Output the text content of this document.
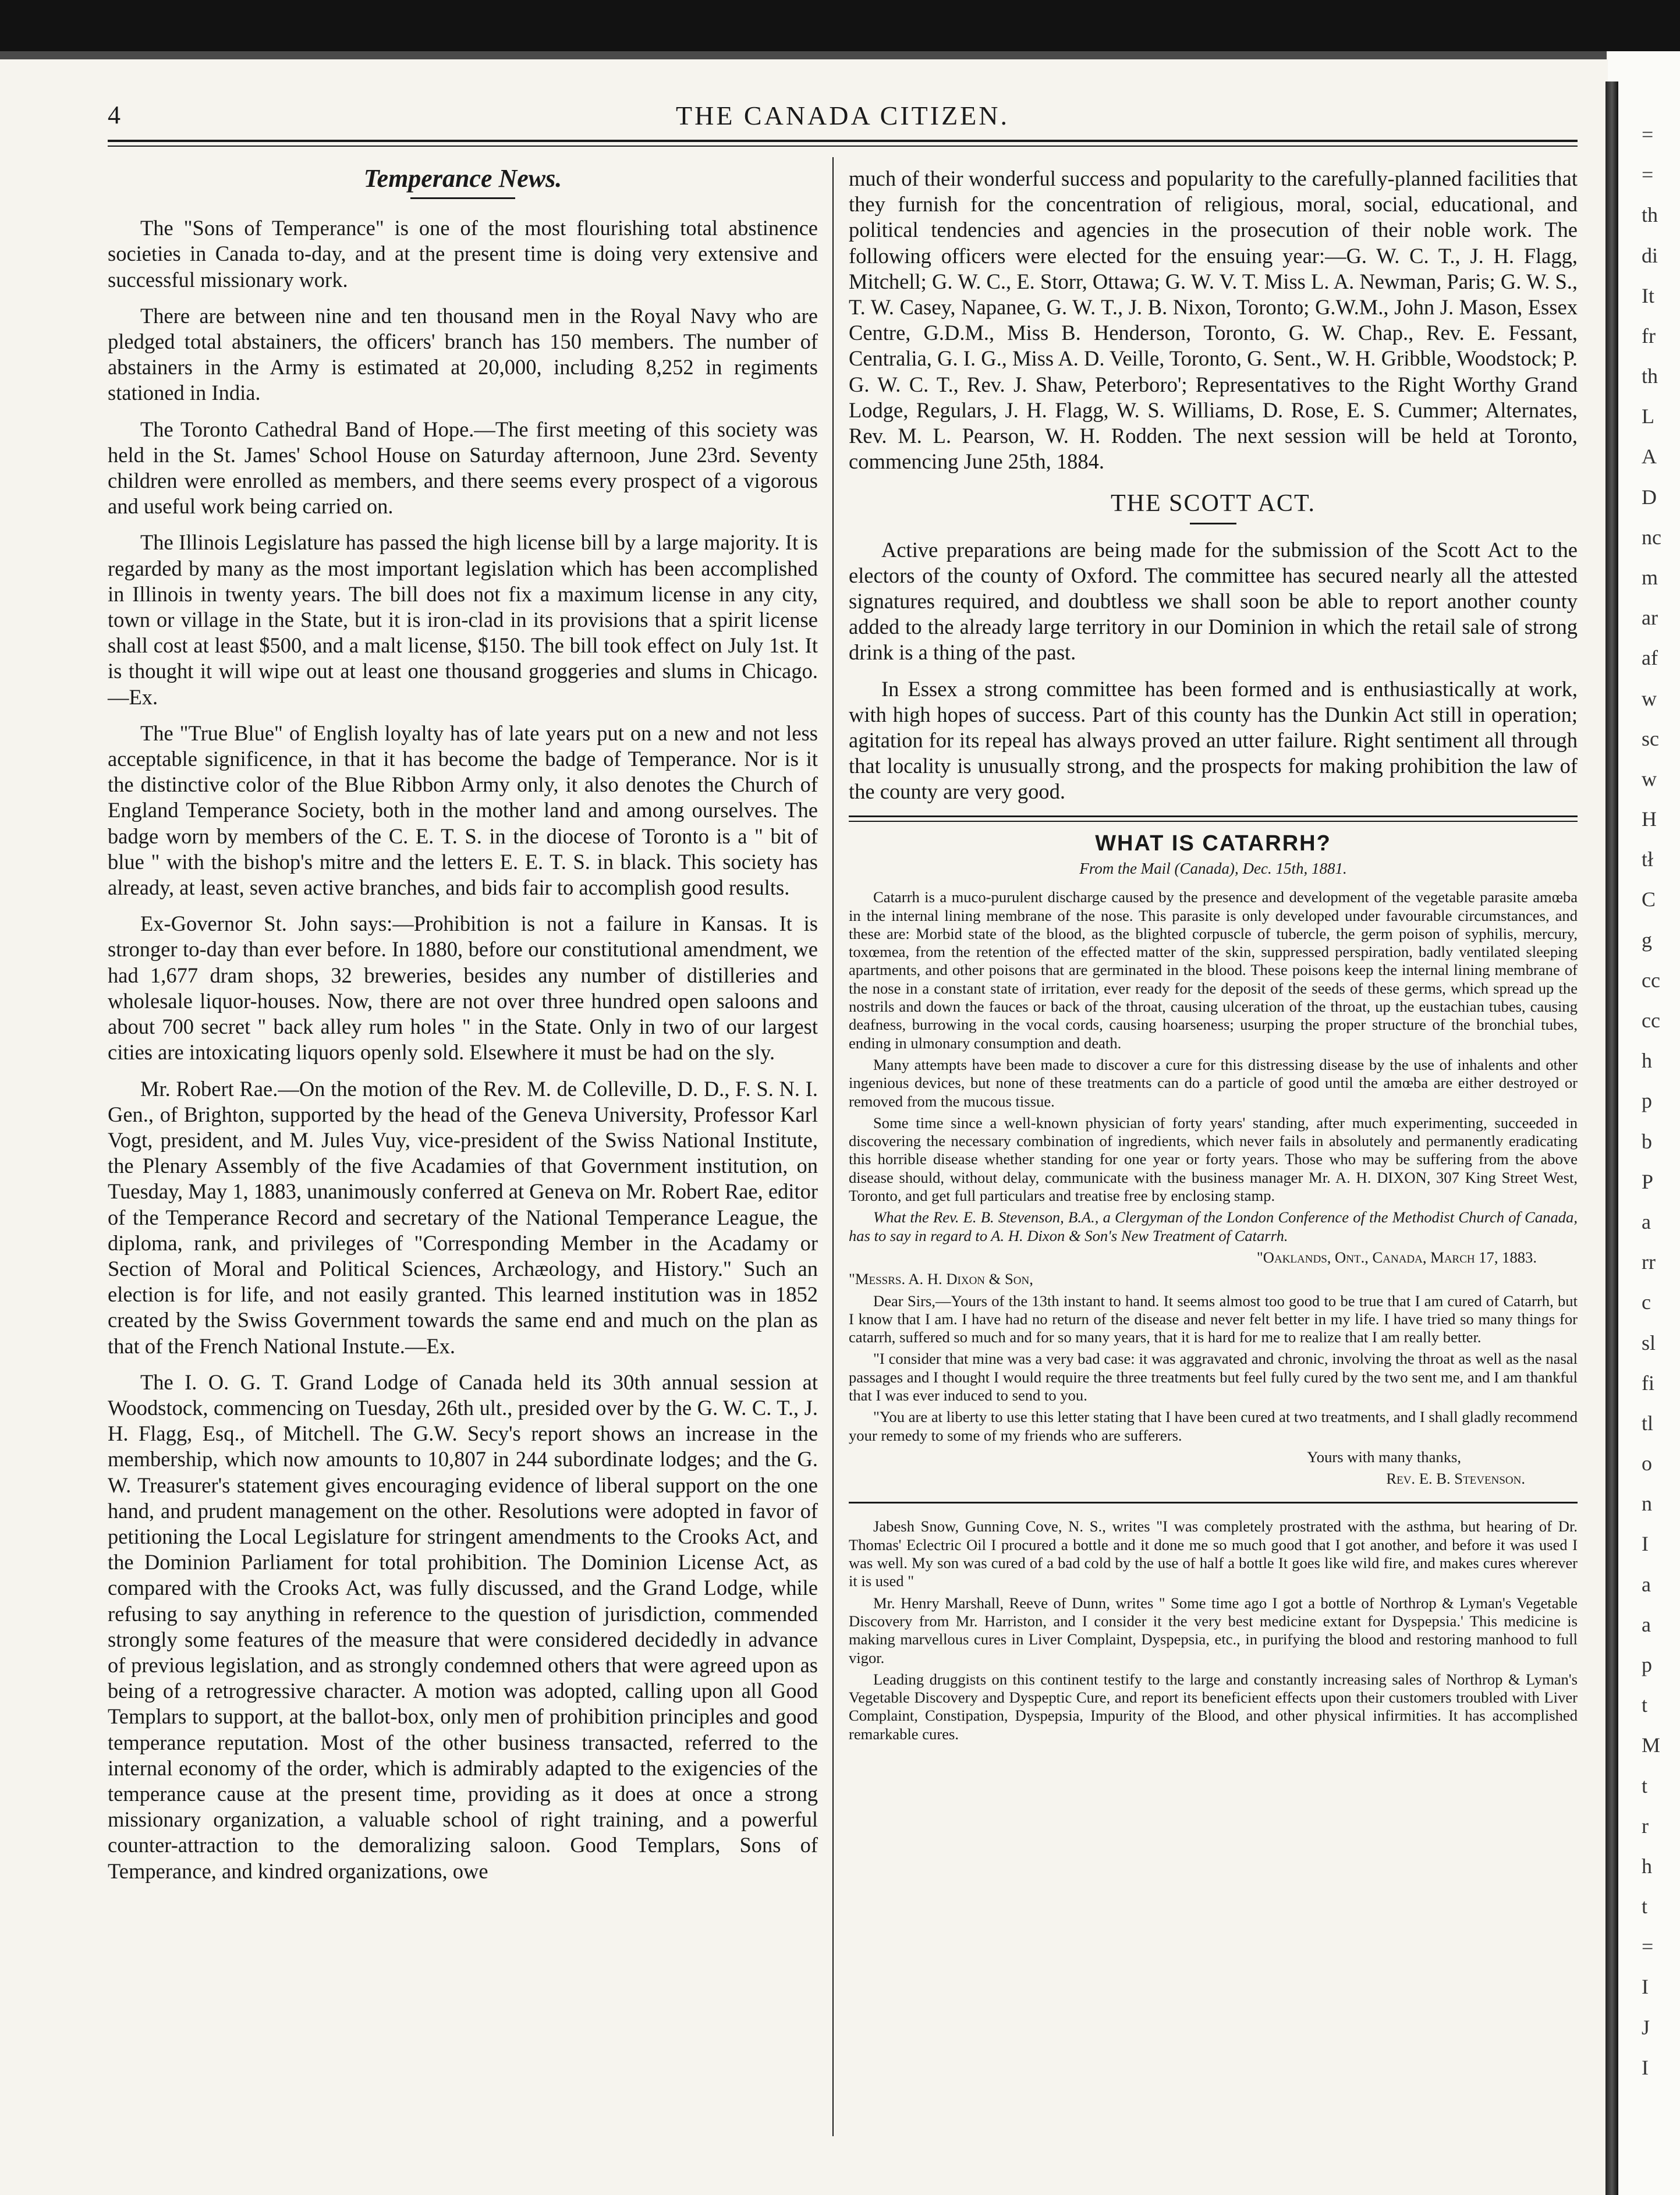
=
=
th
di
It
fr
th
L
A
D
nc
m
ar
af
w
sc
w
H
tł
C
g
cc
cc
h
p
b
P
a
rr
c
sl
fi
tl
o
n
I
a
a
p
t
M
t
r
h
t
=
I
J
I
4	THE CANADA CITIZEN.
Temperance News.

The "Sons of Temperance" is one of the most flourishing total abstinence societies in Canada to-day, and at the present time is doing very extensive and successful missionary work.

There are between nine and ten thousand men in the Royal Navy who are pledged total abstainers, the officers' branch has 150 members. The number of abstainers in the Army is estimated at 20,000, including 8,252 in regiments stationed in India.

The Toronto Cathedral Band of Hope.—The first meeting of this society was held in the St. James' School House on Saturday afternoon, June 23rd. Seventy children were enrolled as members, and there seems every prospect of a vigorous and useful work being carried on.

The Illinois Legislature has passed the high license bill by a large majority. It is regarded by many as the most important legislation which has been accomplished in Illinois in twenty years. The bill does not fix a maximum license in any city, town or village in the State, but it is iron-clad in its provisions that a spirit license shall cost at least $500, and a malt license, $150. The bill took effect on July 1st. It is thought it will wipe out at least one thousand groggeries and slums in Chicago.—Ex.

The "True Blue" of English loyalty has of late years put on a new and not less acceptable significence, in that it has become the badge of Temperance. Nor is it the distinctive color of the Blue Ribbon Army only, it also denotes the Church of England Temperance Society, both in the mother land and among ourselves. The badge worn by members of the C. E. T. S. in the diocese of Toronto is a " bit of blue " with the bishop's mitre and the letters E. E. T. S. in black. This society has already, at least, seven active branches, and bids fair to accomplish good results.

Ex-Governor St. John says:—Prohibition is not a failure in Kansas. It is stronger to-day than ever before. In 1880, before our constitutional amendment, we had 1,677 dram shops, 32 breweries, besides any number of distilleries and wholesale liquor-houses. Now, there are not over three hundred open saloons and about 700 secret " back alley rum holes " in the State. Only in two of our largest cities are intoxicating liquors openly sold. Elsewhere it must be had on the sly.

Mr. Robert Rae.—On the motion of the Rev. M. de Colleville, D. D., F. S. N. I. Gen., of Brighton, supported by the head of the Geneva University, Professor Karl Vogt, president, and M. Jules Vuy, vice-president of the Swiss National Institute, the Plenary Assembly of the five Acadamies of that Government institution, on Tuesday, May 1, 1883, unanimously conferred at Geneva on Mr. Robert Rae, editor of the Temperance Record and secretary of the National Temperance League, the diploma, rank, and privileges of "Corresponding Member in the Acadamy or Section of Moral and Political Sciences, Archæology, and History." Such an election is for life, and not easily granted. This learned institution was in 1852 created by the Swiss Government towards the same end and much on the plan as that of the French National Instute.—Ex.

The I. O. G. T. Grand Lodge of Canada held its 30th annual session at Woodstock, commencing on Tuesday, 26th ult., presided over by the G. W. C. T., J. H. Flagg, Esq., of Mitchell. The G.W. Secy's report shows an increase in the membership, which now amounts to 10,807 in 244 subordinate lodges; and the G. W. Treasurer's statement gives encouraging evidence of liberal support on the one hand, and prudent management on the other. Resolutions were adopted in favor of petitioning the Local Legislature for stringent amendments to the Crooks Act, and the Dominion Parliament for total prohibition. The Dominion License Act, as compared with the Crooks Act, was fully discussed, and the Grand Lodge, while refusing to say anything in reference to the question of jurisdiction, commended strongly some features of the measure that were considered decidedly in advance of previous legislation, and as strongly condemned others that were agreed upon as being of a retrogressive character. A motion was adopted, calling upon all Good Templars to support, at the ballot-box, only men of prohibition principles and good temperance reputation. Most of the other business transacted, referred to the internal economy of the order, which is admirably adapted to the exigencies of the temperance cause at the present time, providing as it does at once a strong missionary organization, a valuable school of right training, and a powerful counter-attraction to the demoralizing saloon. Good Templars, Sons of Temperance, and kindred organizations, owe

much of their wonderful success and popularity to the carefully-planned facilities that they furnish for the concentration of religious, moral, social, educational, and political tendencies and agencies in the prosecution of their noble work. The following officers were elected for the ensuing year:—G. W. C. T., J. H. Flagg, Mitchell; G. W. C., E. Storr, Ottawa; G. W. V. T. Miss L. A. Newman, Paris; G. W. S., T. W. Casey, Napanee, G. W. T., J. B. Nixon, Toronto; G.W.M., John J. Mason, Essex Centre, G.D.M., Miss B. Henderson, Toronto, G. W. Chap., Rev. E. Fessant, Centralia, G. I. G., Miss A. D. Veille, Toronto, G. Sent., W. H. Gribble, Woodstock; P. G. W. C. T., Rev. J. Shaw, Peterboro'; Representatives to the Right Worthy Grand Lodge, Regulars, J. H. Flagg, W. S. Williams, D. Rose, E. S. Cummer; Alternates, Rev. M. L. Pearson, W. H. Rodden. The next session will be held at Toronto, commencing June 25th, 1884.

THE SCOTT ACT.

Active preparations are being made for the submission of the Scott Act to the electors of the county of Oxford. The committee has secured nearly all the attested signatures required, and doubtless we shall soon be able to report another county added to the already large territory in our Dominion in which the retail sale of strong drink is a thing of the past.

In Essex a strong committee has been formed and is enthusiastically at work, with high hopes of success. Part of this county has the Dunkin Act still in operation; agitation for its repeal has always proved an utter failure. Right sentiment all through that locality is unusually strong, and the prospects for making prohibition the law of the county are very good.

WHAT IS CATARRH?
From the Mail (Canada), Dec. 15th, 1881.

Catarrh is a muco-purulent discharge caused by the presence and development of the vegetable parasite amœba in the internal lining membrane of the nose. This parasite is only developed under favourable circumstances, and these are: Morbid state of the blood, as the blighted corpuscle of tubercle, the germ poison of syphilis, mercury, toxœmea, from the retention of the effected matter of the skin, suppressed perspiration, badly ventilated sleeping apartments, and other poisons that are germinated in the blood. These poisons keep the internal lining membrane of the nose in a constant state of irritation, ever ready for the deposit of the seeds of these germs, which spread up the nostrils and down the fauces or back of the throat, causing ulceration of the throat, up the eustachian tubes, causing deafness, burrowing in the vocal cords, causing hoarseness; usurping the proper structure of the bronchial tubes, ending in ulmonary consumption and death.

Many attempts have been made to discover a cure for this distressing disease by the use of inhalents and other ingenious devices, but none of these treatments can do a particle of good until the amœba are either destroyed or removed from the mucous tissue.

Some time since a well-known physician of forty years' standing, after much experimenting, succeeded in discovering the necessary combination of ingredients, which never fails in absolutely and permanently eradicating this horrible disease whether standing for one year or forty years. Those who may be suffering from the above disease should, without delay, communicate with the business manager Mr. A. H. DIXON, 307 King Street West, Toronto, and get full particulars and treatise free by enclosing stamp.

What the Rev. E. B. Stevenson, B.A., a Clergyman of the London Conference of the Methodist Church of Canada, has to say in regard to A. H. Dixon & Son's New Treatment of Catarrh.

"Oaklands, Ont., Canada, March 17, 1883.

"Messrs. A. H. Dixon & Son,

Dear Sirs,—Yours of the 13th instant to hand. It seems almost too good to be true that I am cured of Catarrh, but I know that I am. I have had no return of the disease and never felt better in my life. I have tried so many things for catarrh, suffered so much and for so many years, that it is hard for me to realize that I am really better.

"I consider that mine was a very bad case: it was aggravated and chronic, involving the throat as well as the nasal passages and I thought I would require the three treatments but feel fully cured by the two sent me, and I am thankful that I was ever induced to send to you.

"You are at liberty to use this letter stating that I have been cured at two treatments, and I shall gladly recommend your remedy to some of my friends who are sufferers.

Yours with many thanks,

Rev. E. B. Stevenson.

Jabesh Snow, Gunning Cove, N. S., writes "I was completely prostrated with the asthma, but hearing of Dr. Thomas' Eclectric Oil I procured a bottle and it done me so much good that I got another, and before it was used I was well. My son was cured of a bad cold by the use of half a bottle It goes like wild fire, and makes cures wherever it is used "

Mr. Henry Marshall, Reeve of Dunn, writes " Some time ago I got a bottle of Northrop & Lyman's Vegetable Discovery from Mr. Harriston, and I consider it the very best medicine extant for Dyspepsia.' This medicine is making marvellous cures in Liver Complaint, Dyspepsia, etc., in purifying the blood and restoring manhood to full vigor.

Leading druggists on this continent testify to the large and constantly increasing sales of Northrop & Lyman's Vegetable Discovery and Dyspeptic Cure, and report its beneficient effects upon their customers troubled with Liver Complaint, Constipation, Dyspepsia, Impurity of the Blood, and other physical infirmities. It has accomplished remarkable cures.
